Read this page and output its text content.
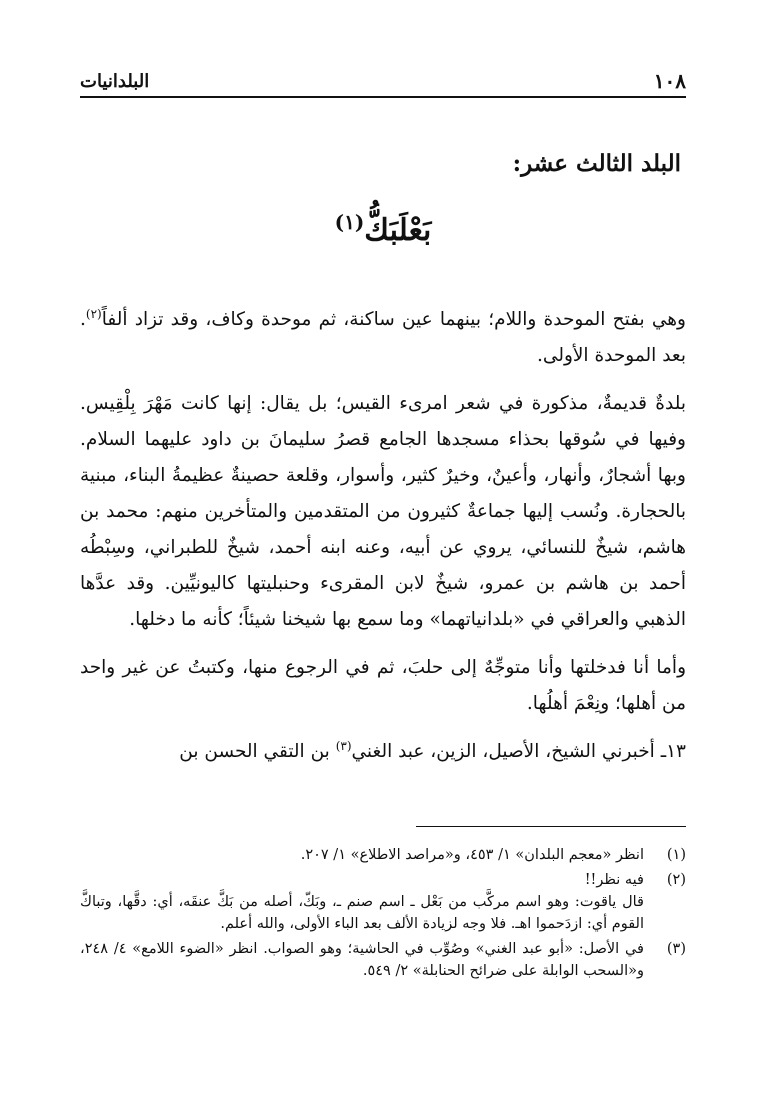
١٠٨
البلدانيات
البلد الثالث عشر:
بَعْلَبَكُّ$^{(١)}$

وهي بفتح الموحدة واللام؛ بينهما عين ساكنة، ثم موحدة وكاف، وقد تزاد ألفاً$^{(٢)}$. بعد الموحدة الأولى.

بلدةٌ قديمةٌ، مذكورة في شعر امرىء القيس؛ بل يقال: إنها كانت مَهْرَ بِلْقِيس. وفيها في سُوقها بحذاء مسجدها الجامع قصرُ سليمانَ بن داود عليهما السلام. وبها أشجارٌ، وأنهار، وأعينٌ، وخيرٌ كثير، وأسوار، وقلعة حصينةٌ عظيمةُ البناء، مبنية بالحجارة. ونُسب إليها جماعةٌ كثيرون من المتقدمين والمتأخرين منهم: محمد بن هاشم، شيخٌ للنسائي، يروي عن أبيه، وعنه ابنه أحمد، شيخٌ للطبراني، وسِبْطُه أحمد بن هاشم بن عمرو، شيخٌ لابن المقرىء وحنبليتها كاليونيِّين. وقد عدَّها الذهبي والعراقي في «بلدانياتهما» وما سمع بها شيخنا شيئاً؛ كأنه ما دخلها.

وأما أنا فدخلتها وأنا متوجِّهٌ إلى حلبَ، ثم في الرجوع منها، وكتبتُ عن غير واحد من أهلها؛ ونِعْمَ أهلُها.

١٣ـ أخبرني الشيخ، الأصيل، الزين، عبد الغني$^{(٣)}$ بن التقي الحسن بن

(١)
انظر «معجم البلدان» ١/ ٤٥٣، و«مراصد الاطلاع» ١/ ٢٠٧.
(٢)
فيه نظر!!
قال ياقوت: وهو اسم مركَّب من بَعْل ـ اسم صنم ـ، وبَكّ، أصله من بَكَّ عنقَه، أي: دقَّها، وتباكَّ القوم أي: ازدَحموا اهـ. فلا وجه لزيادة الألف بعد الباء الأولى، والله أعلم.
(٣)
في الأصل: «أبو عبد الغني» وصُوِّب في الحاشية؛ وهو الصواب. انظر «الضوء اللامع» ٤/ ٢٤٨، و«السحب الوابلة على ضرائح الحنابلة» ٢/ ٥٤٩.
